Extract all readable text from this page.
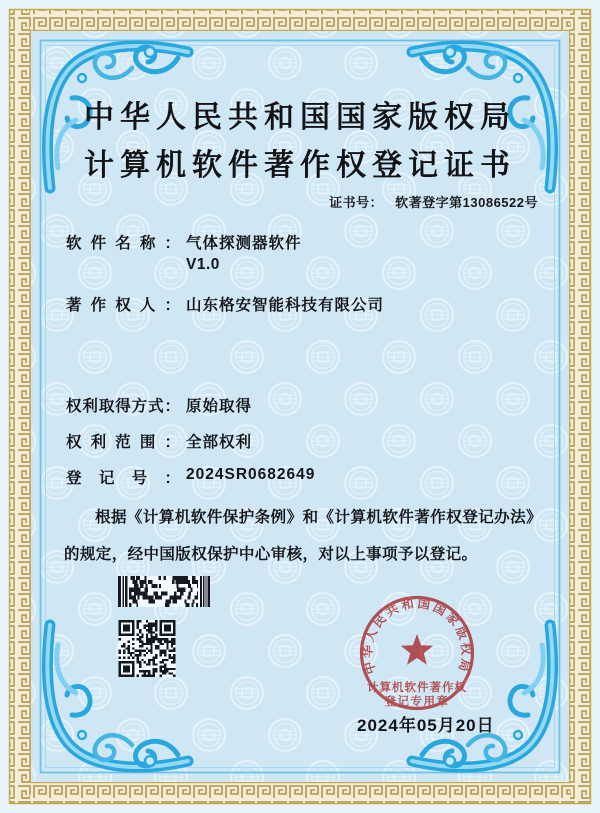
中华人民共和国国家版权局
计算机软件著作权登记证书
证书号： 软著登字第13086522号
软件名称： 气体探测器软件
V1.0
著作权人： 山东格安智能科技有限公司
权利取得方式： 原始取得
权利范围： 全部权利
登记号： 2024SR0682649
根据《计算机软件保护条例》和《计算机软件著作权登记办法》的规定，经中国版权保护中心审核，对以上事项予以登记。
2024年05月20日
中华人民共和国国家版权局
计算机软件著作权
登记专用章
